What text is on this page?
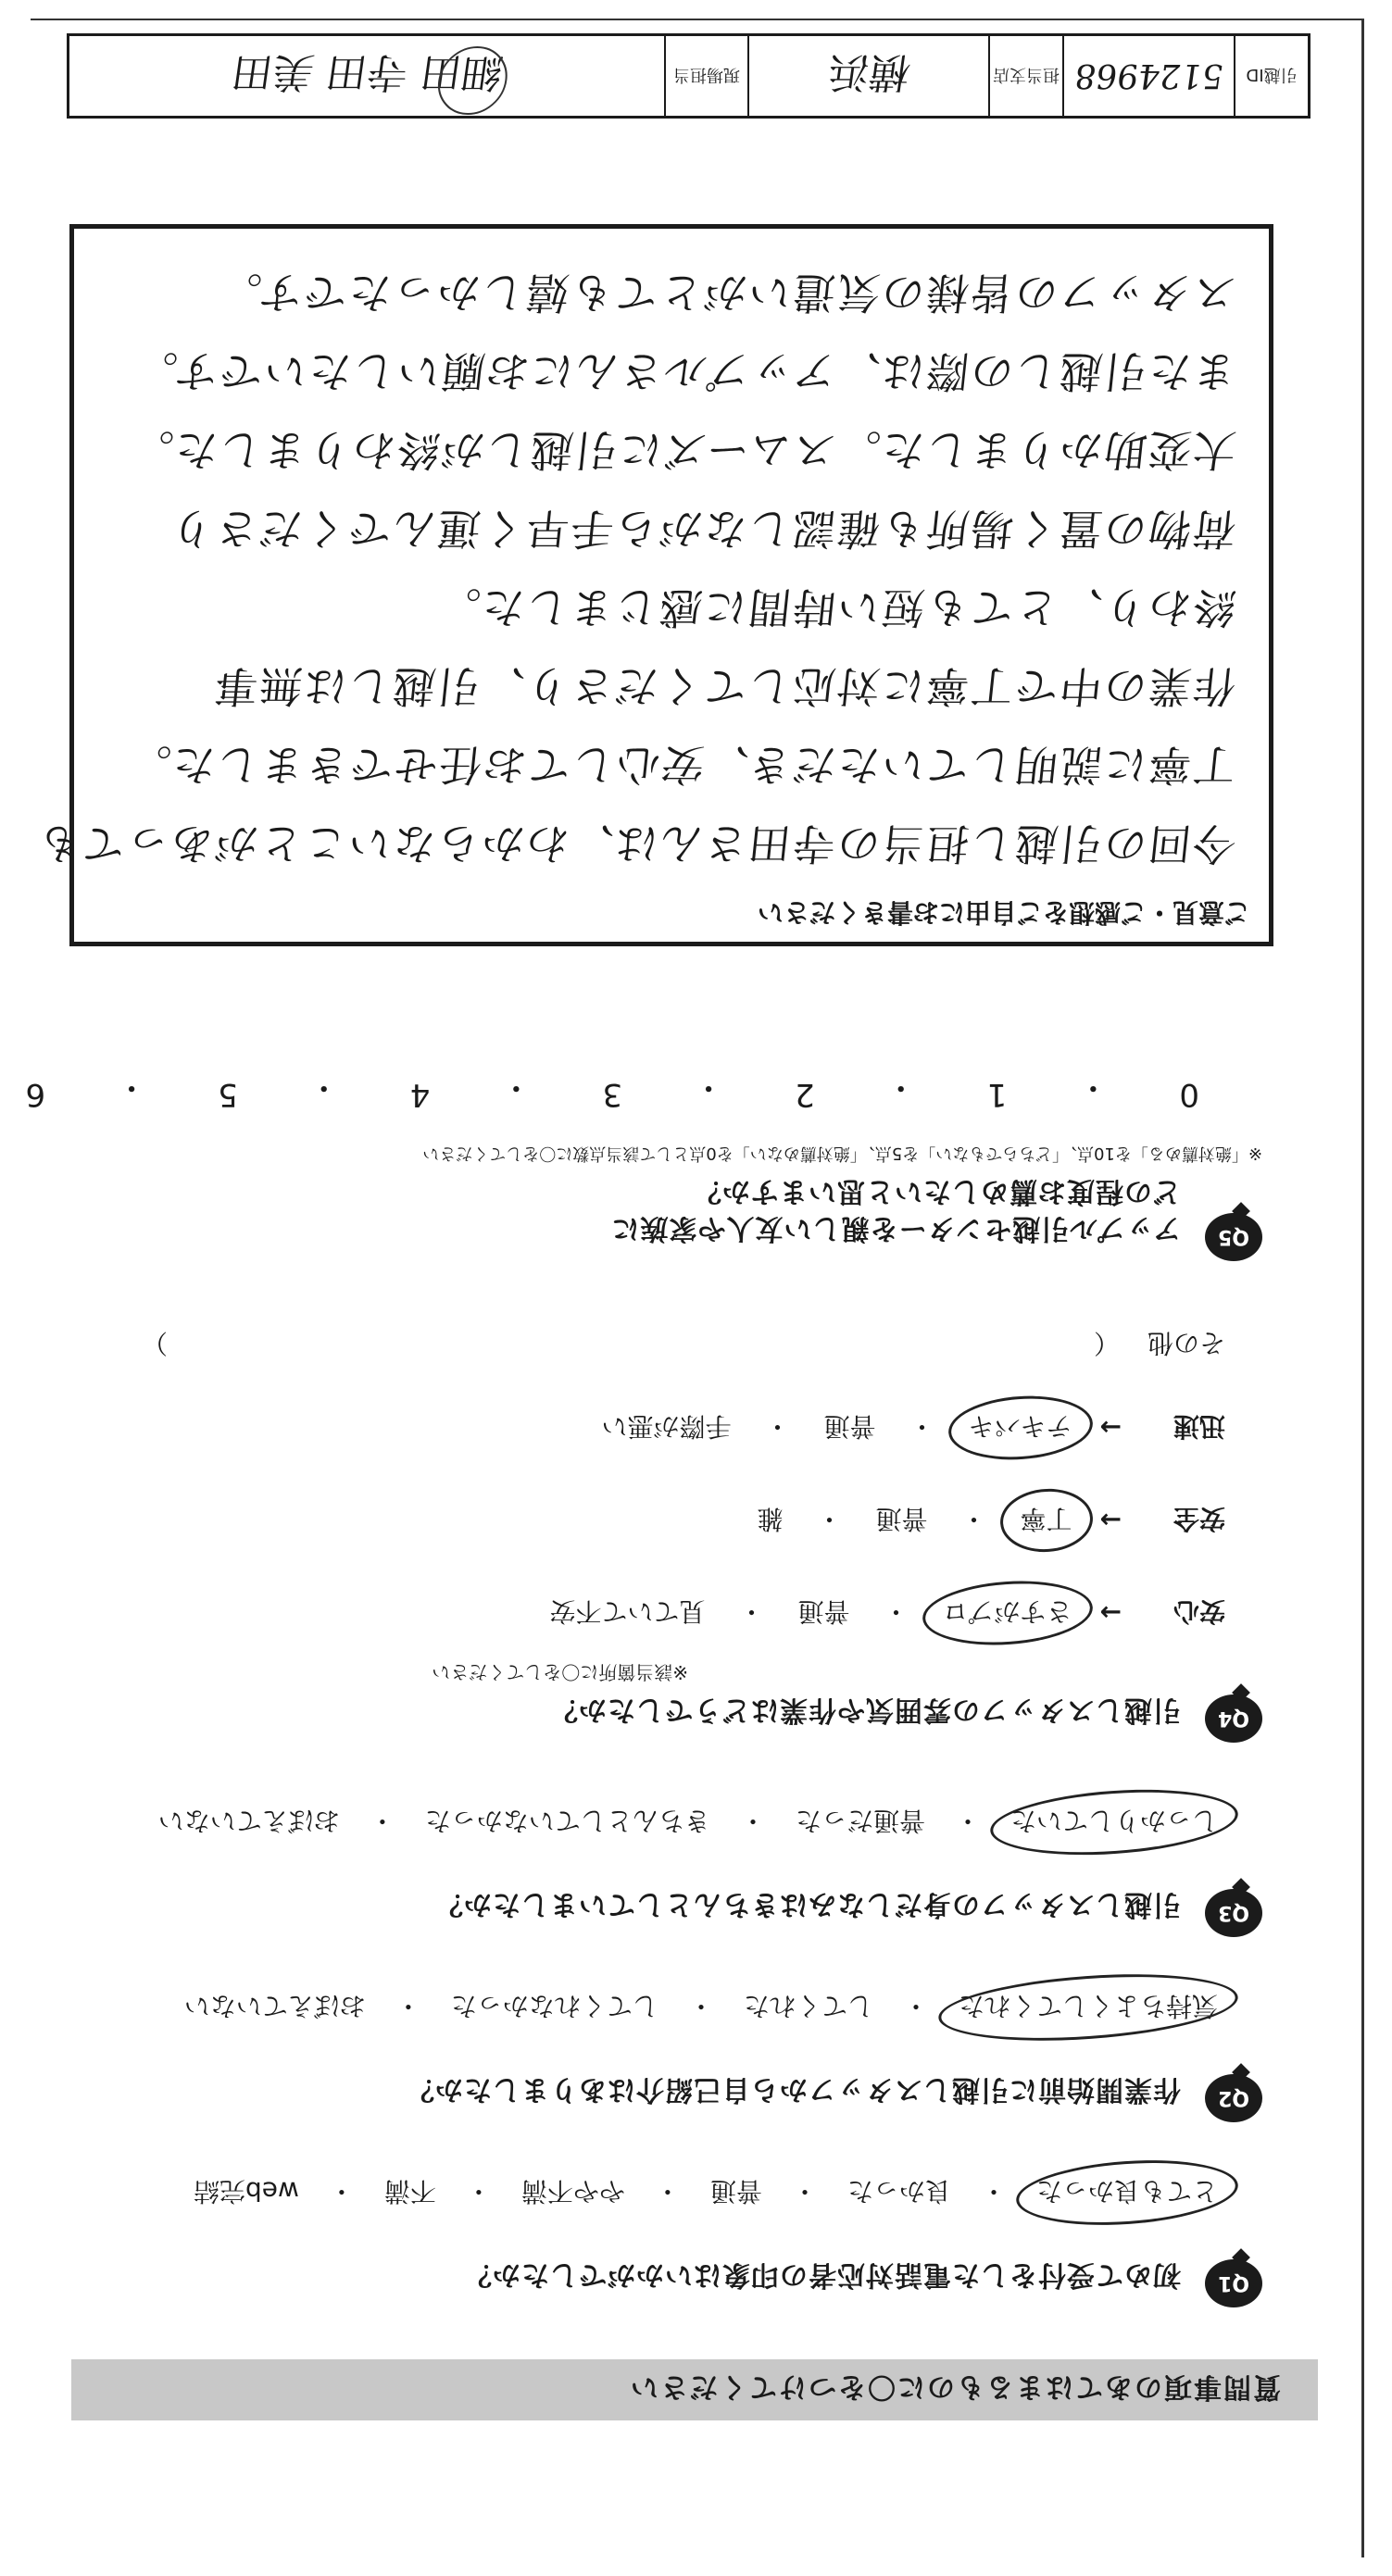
質問事項のあてはまるものに〇をつけてください
Q1
初めて受付をした電話対応者の印象はいかがでしたか？
とても良かった
・
良かった
・
普通
・
やや不満
・
不満
・
web完結
Q2
作業開始前に引越しスタッフから自己紹介はありましたか？
気持ちよくしてくれた
・
してくれた
・
してくれなかった
・
おぼえていない
Q3
引越しスタッフの身だしなみはきちんとしていましたか？
しっかりしていた
・
普通だった
・
きちんとしていなかった
・
おぼえていない
Q4
引越しスタッフの雰囲気や作業はどうでしたか？
※該当箇所に〇をしてください
安心
→
さすがプロ
・
普通
・
見ていて不安
安全
→
丁寧
・
普通
・
雑
迅速
→
テキパキ
・
普通
・
手際が悪い
その他
（
）
Q5
アップル引越センターを親しい友人や家族に
どの程度お薦めしたいと思いますか？
※「絶対薦める」を10点、「どちらでもない」を5点、「絶対薦めない」を0点として該当点数に〇をしてください
0
・
1
・
2
・
3
・
4
・
5
・
6
ご意見・ご感想をご自由にお書きください
今回の引越し担当の寺田さんは、わからないことがあっても
丁寧に説明していただき、安心してお任せできました。
作業の中で丁寧に対応してくださり、引越しは無事
終わり、とても短い時間に感じました。
荷物の置く場所も確認しながら手早く運んでくださり
大変助かりました。スムーズに引越しが終わりました。
また引越しの際は、アップルさんにお願いしたいです。
スタッフの皆様の気遣いがとても嬉しかったです。
引越ID
5124968
担当支店
横浜
現場担当
細田 寺田 美田
